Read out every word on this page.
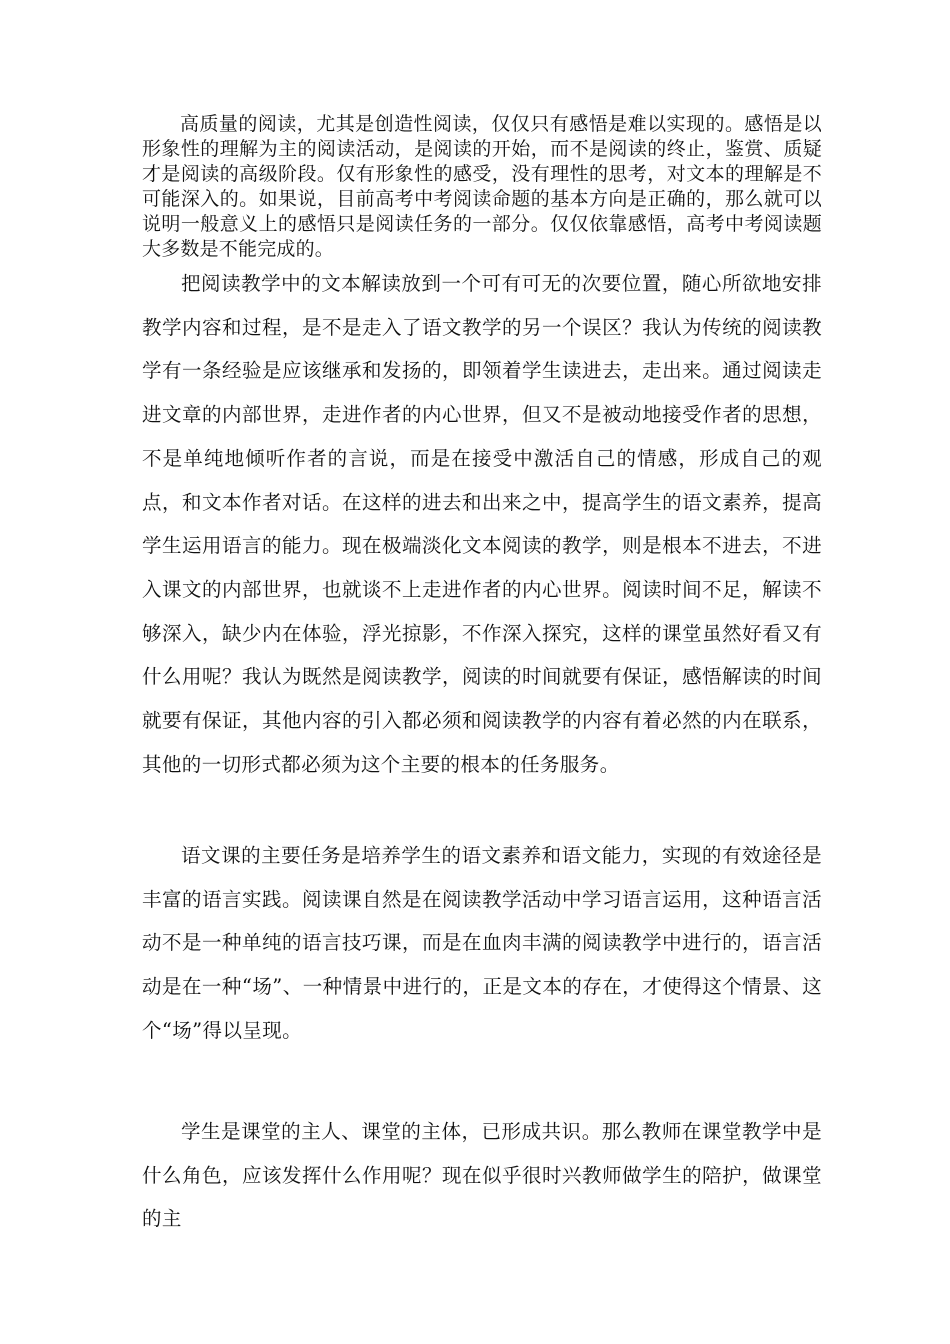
高质量的阅读，尤其是创造性阅读，仅仅只有感悟是难以实现的。感悟是以形象性的理解为主的阅读活动，是阅读的开始，而不是阅读的终止，鉴赏、质疑才是阅读的高级阶段。仅有形象性的感受，没有理性的思考，对文本的理解是不可能深入的。如果说，目前高考中考阅读命题的基本方向是正确的，那么就可以说明一般意义上的感悟只是阅读任务的一部分。仅仅依靠感悟，高考中考阅读题大多数是不能完成的。

把阅读教学中的文本解读放到一个可有可无的次要位置，随心所欲地安排教学内容和过程，是不是走入了语文教学的另一个误区？我认为传统的阅读教学有一条经验是应该继承和发扬的，即领着学生读进去，走出来。通过阅读走进文章的内部世界，走进作者的内心世界，但又不是被动地接受作者的思想，不是单纯地倾听作者的言说，而是在接受中激活自己的情感，形成自己的观点，和文本作者对话。在这样的进去和出来之中，提高学生的语文素养，提高学生运用语言的能力。现在极端淡化文本阅读的教学，则是根本不进去，不进入课文的内部世界，也就谈不上走进作者的内心世界。阅读时间不足，解读不够深入，缺少内在体验，浮光掠影，不作深入探究，这样的课堂虽然好看又有什么用呢？我认为既然是阅读教学，阅读的时间就要有保证，感悟解读的时间就要有保证，其他内容的引入都必须和阅读教学的内容有着必然的内在联系，其他的一切形式都必须为这个主要的根本的任务服务。

语文课的主要任务是培养学生的语文素养和语文能力，实现的有效途径是丰富的语言实践。阅读课自然是在阅读教学活动中学习语言运用，这种语言活动不是一种单纯的语言技巧课，而是在血肉丰满的阅读教学中进行的，语言活动是在一种“场”、一种情景中进行的，正是文本的存在，才使得这个情景、这个“场”得以呈现。

学生是课堂的主人、课堂的主体，已形成共识。那么教师在课堂教学中是什么角色，应该发挥什么作用呢？现在似乎很时兴教师做学生的陪护，做课堂的主
